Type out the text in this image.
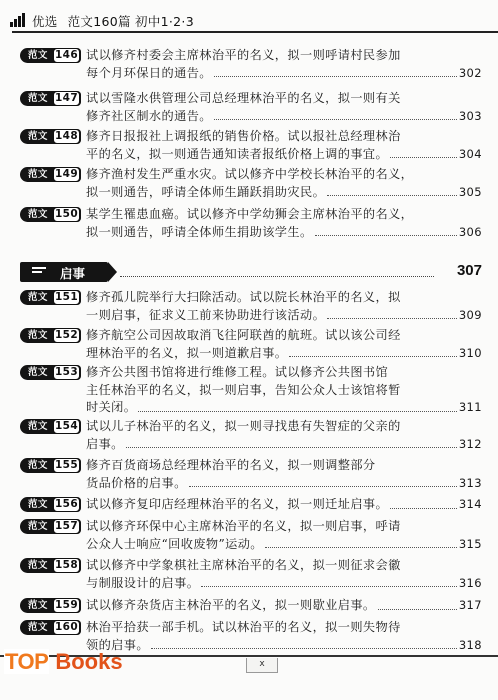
优选 范文160篇 初中1·2·3
范文 146 试以修齐村委会主席林治平的名义，拟一则呼请村民参加
每个月环保日的通告。	302
范文 147 试以雪隆水供管理公司总经理林治平的名义，拟一则有关
修齐社区制水的通告。	303
范文 148 修齐日报报社上调报纸的销售价格。试以报社总经理林治
平的名义，拟一则通告通知读者报纸价格上调的事宜。	304
范文 149 修齐渔村发生严重水灾。试以修齐中学校长林治平的名义，
拟一则通告，呼请全体师生踊跃捐助灾民。	305
范文 150 某学生罹患血癌。试以修齐中学幼狮会主席林治平的名义，
拟一则通告，呼请全体师生捐助该学生。	306
启事	307
范文 151 修齐孤儿院举行大扫除活动。试以院长林治平的名义，拟
一则启事，征求义工前来协助进行该活动。	309
范文 152 修齐航空公司因故取消飞往阿联酋的航班。试以该公司经
理林治平的名义，拟一则道歉启事。	310
范文 153 修齐公共图书馆将进行维修工程。试以修齐公共图书馆
主任林治平的名义，拟一则启事，告知公众人士该馆将暂
时关闭。	311
范文 154 试以儿子林治平的名义，拟一则寻找患有失智症的父亲的
启事。	312
范文 155 修齐百货商场总经理林治平的名义，拟一则调整部分
货品价格的启事。	313
范文 156 试以修齐复印店经理林治平的名义，拟一则迁址启事。	314
范文 157 试以修齐环保中心主席林治平的名义，拟一则启事，呼请
公众人士响应“回收废物”运动。	315
范文 158 试以修齐中学象棋社主席林治平的名义，拟一则征求会徽
与制服设计的启事。	316
范文 159 试以修齐杂货店主林治平的名义，拟一则歇业启事。	317
范文 160 林治平拾获一部手机。试以林治平的名义，拟一则失物待
领的启事。	318
x
TOP Books
